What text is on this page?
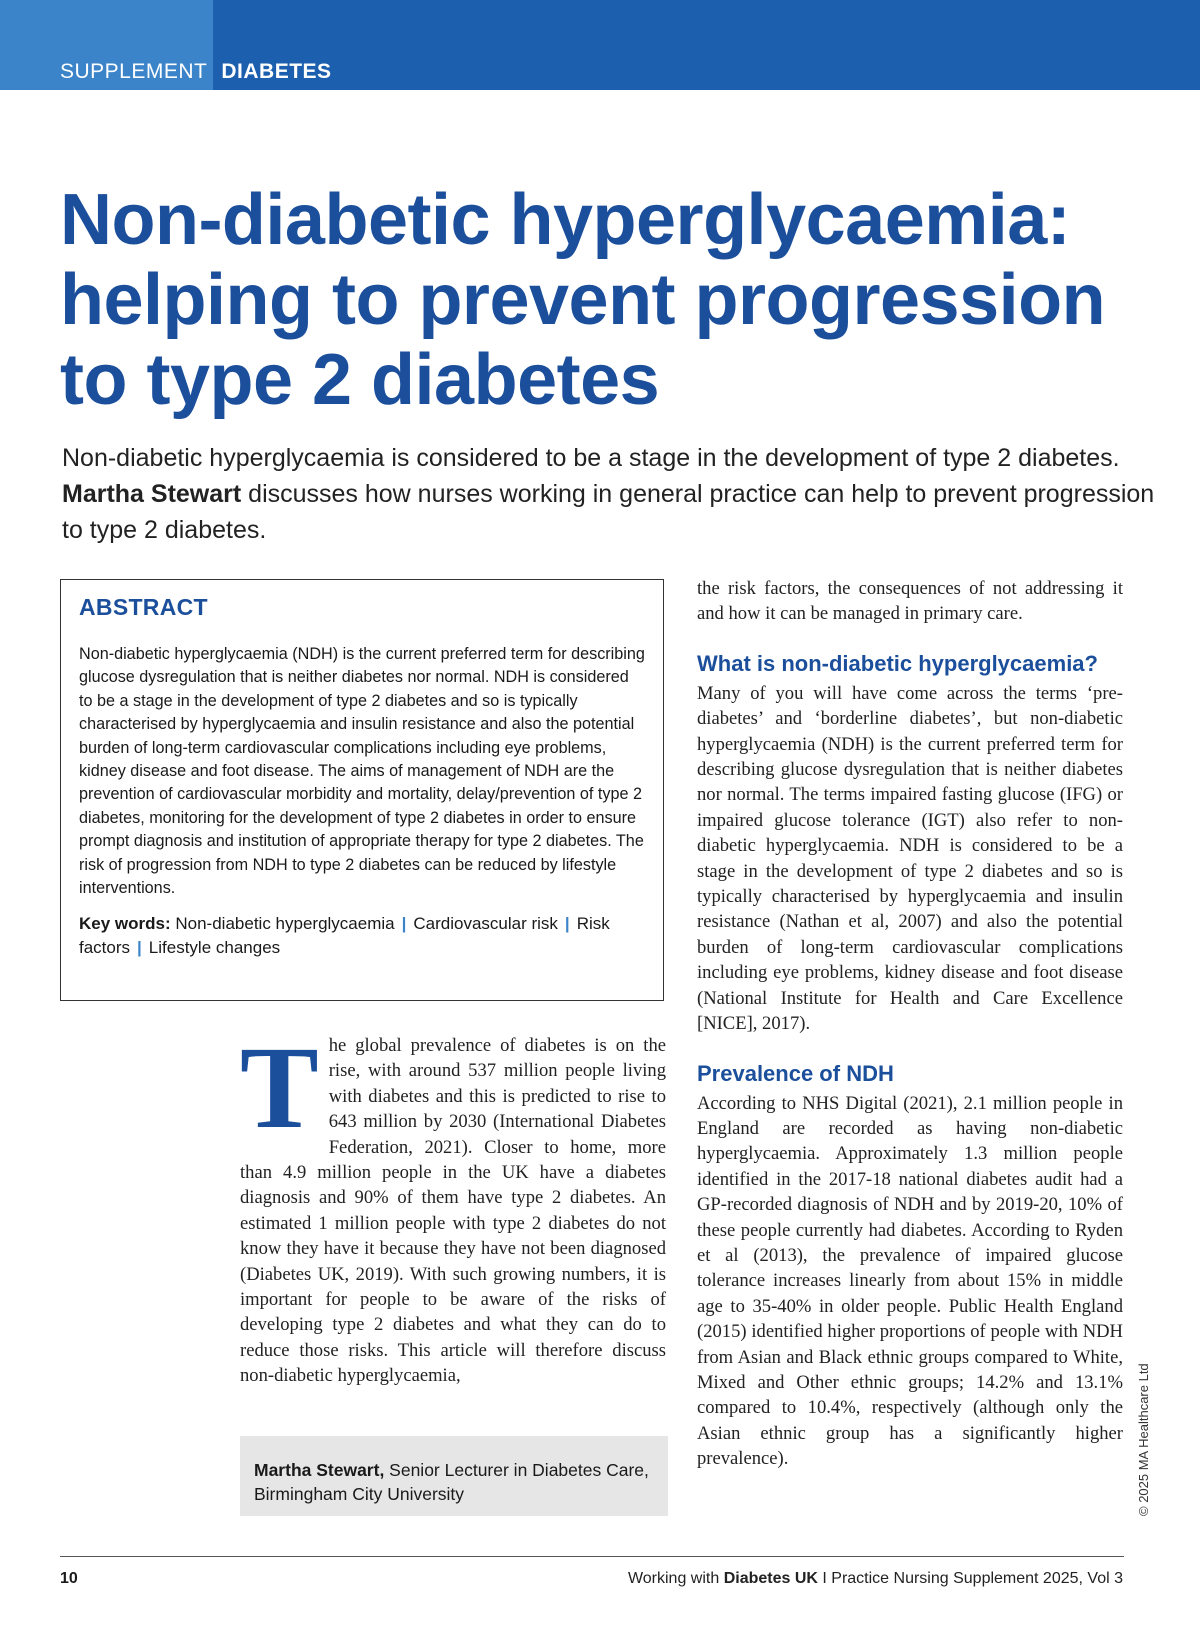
SUPPLEMENT DIABETES
Non-diabetic hyperglycaemia:
helping to prevent progression
to type 2 diabetes

Non-diabetic hyperglycaemia is considered to be a stage in the development of type 2 diabetes. Martha Stewart discusses how nurses working in general practice can help to prevent progression to type 2 diabetes.

ABSTRACT

Non-diabetic hyperglycaemia (NDH) is the current preferred term for describing glucose dysregulation that is neither diabetes nor normal. NDH is considered to be a stage in the development of type 2 diabetes and so is typically characterised by hyperglycaemia and insulin resistance and also the potential burden of long-term cardiovascular complications including eye problems, kidney disease and foot disease. The aims of management of NDH are the prevention of cardiovascular morbidity and mortality, delay/prevention of type 2 diabetes, monitoring for the development of type 2 diabetes in order to ensure prompt diagnosis and institution of appropriate therapy for type 2 diabetes. The risk of progression from NDH to type 2 diabetes can be reduced by lifestyle interventions.

Key words: Non-diabetic hyperglycaemia | Cardiovascular risk | Risk factors | Lifestyle changes
The global prevalence of diabetes is on the rise, with around 537 million people living with diabetes and this is predicted to rise to 643 million by 2030 (International Diabetes Federation, 2021). Closer to home, more than 4.9 million people in the UK have a diabetes diagnosis and 90% of them have type 2 diabetes. An estimated 1 million people with type 2 diabetes do not know they have it because they have not been diagnosed (Diabetes UK, 2019). With such growing numbers, it is important for people to be aware of the risks of developing type 2 diabetes and what they can do to reduce those risks. This article will therefore discuss non-diabetic hyperglycaemia,
Martha Stewart, Senior Lecturer in Diabetes Care, Birmingham City University

the risk factors, the consequences of not addressing it and how it can be managed in primary care.

What is non-diabetic hyperglycaemia?

Many of you will have come across the terms ‘pre-diabetes’ and ‘borderline diabetes’, but non-diabetic hyperglycaemia (NDH) is the current preferred term for describing glucose dysregulation that is neither diabetes nor normal. The terms impaired fasting glucose (IFG) or impaired glucose tolerance (IGT) also refer to non-diabetic hyperglycaemia. NDH is considered to be a stage in the development of type 2 diabetes and so is typically characterised by hyperglycaemia and insulin resistance (Nathan et al, 2007) and also the potential burden of long-term cardiovascular complications including eye problems, kidney disease and foot disease (National Institute for Health and Care Excellence [NICE], 2017).

Prevalence of NDH

According to NHS Digital (2021), 2.1 million people in England are recorded as having non-diabetic hyperglycaemia. Approximately 1.3 million people identified in the 2017-18 national diabetes audit had a GP-recorded diagnosis of NDH and by 2019-20, 10% of these people currently had diabetes. According to Ryden et al (2013), the prevalence of impaired glucose tolerance increases linearly from about 15% in middle age to 35-40% in older people. Public Health England (2015) identified higher proportions of people with NDH from Asian and Black ethnic groups compared to White, Mixed and Other ethnic groups; 14.2% and 13.1% compared to 10.4%, respectively (although only the Asian ethnic group has a significantly higher prevalence).	© 2025 MA Healthcare Ltd
10	Working with Diabetes UK I Practice Nursing Supplement 2025, Vol 3
